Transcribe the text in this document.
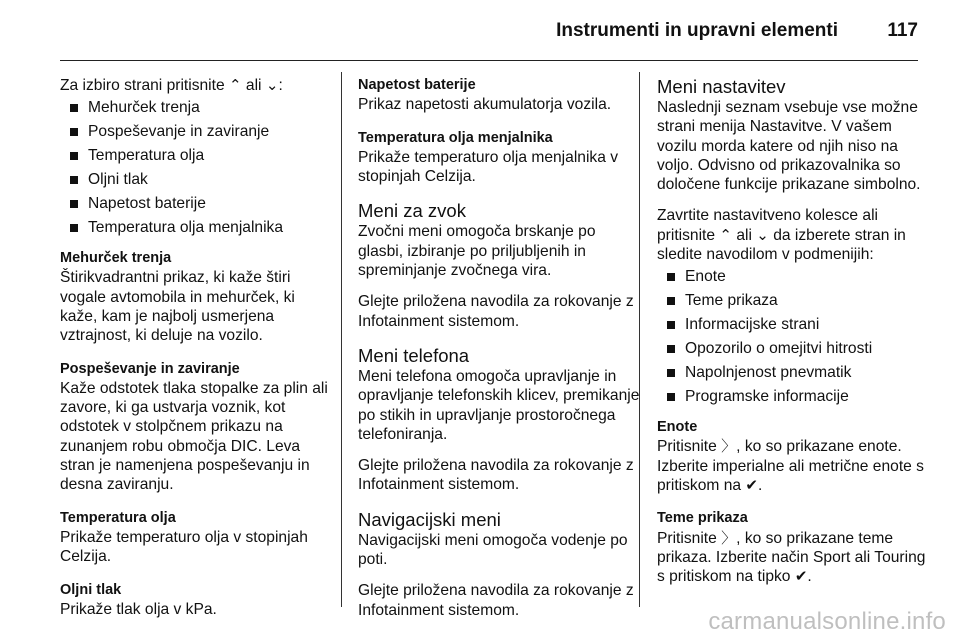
Instrumenti in upravni elementi	117
Za izbiro strani pritisnite ⌃ ali ⌄:
Mehurček trenja
Pospeševanje in zaviranje
Temperatura olja
Oljni tlak
Napetost baterije
Temperatura olja menjalnika
Mehurček trenja
Štirikvadrantni prikaz, ki kaže štiri vogale avtomobila in mehurček, ki kaže, kam je najbolj usmerjena vztrajnost, ki deluje na vozilo.
Pospeševanje in zaviranje
Kaže odstotek tlaka stopalke za plin ali zavore, ki ga ustvarja voznik, kot odstotek v stolpčnem prikazu na zunanjem robu območja DIC. Leva stran je namenjena pospeševanju in desna zaviranju.
Temperatura olja
Prikaže temperaturo olja v stopinjah Celzija.
Oljni tlak
Prikaže tlak olja v kPa.
Napetost baterije
Prikaz napetosti akumulatorja vozila.
Temperatura olja menjalnika
Prikaže temperaturo olja menjalnika v stopinjah Celzija.
Meni za zvok

Zvočni meni omogoča brskanje po glasbi, izbiranje po priljubljenih in spreminjanje zvočnega vira.

Glejte priložena navodila za rokovanje z Infotainment sistemom.
Meni telefona

Meni telefona omogoča upravljanje in opravljanje telefonskih klicev, premikanje po stikih in upravljanje prostoročnega telefoniranja.

Glejte priložena navodila za rokovanje z Infotainment sistemom.
Navigacijski meni

Navigacijski meni omogoča vodenje po poti.

Glejte priložena navodila za rokovanje z Infotainment sistemom.
Meni nastavitev

Naslednji seznam vsebuje vse možne strani menija Nastavitve. V vašem vozilu morda katere od njih niso na voljo. Odvisno od prikazovalnika so določene funkcije prikazane simbolno.

Zavrtite nastavitveno kolesce ali pritisnite ⌃ ali ⌄ da izberete stran in sledite navodilom v podmenijih:
Enote
Teme prikaza
Informacijske strani
Opozorilo o omejitvi hitrosti
Napolnjenost pnevmatik
Programske informacije
Enote
Pritisnite 〉, ko so prikazane enote. Izberite imperialne ali metrične enote s pritiskom na ✔.
Teme prikaza
Pritisnite 〉, ko so prikazane teme prikaza. Izberite način Sport ali Touring s pritiskom na tipko ✔.
carmanualsonline.info
